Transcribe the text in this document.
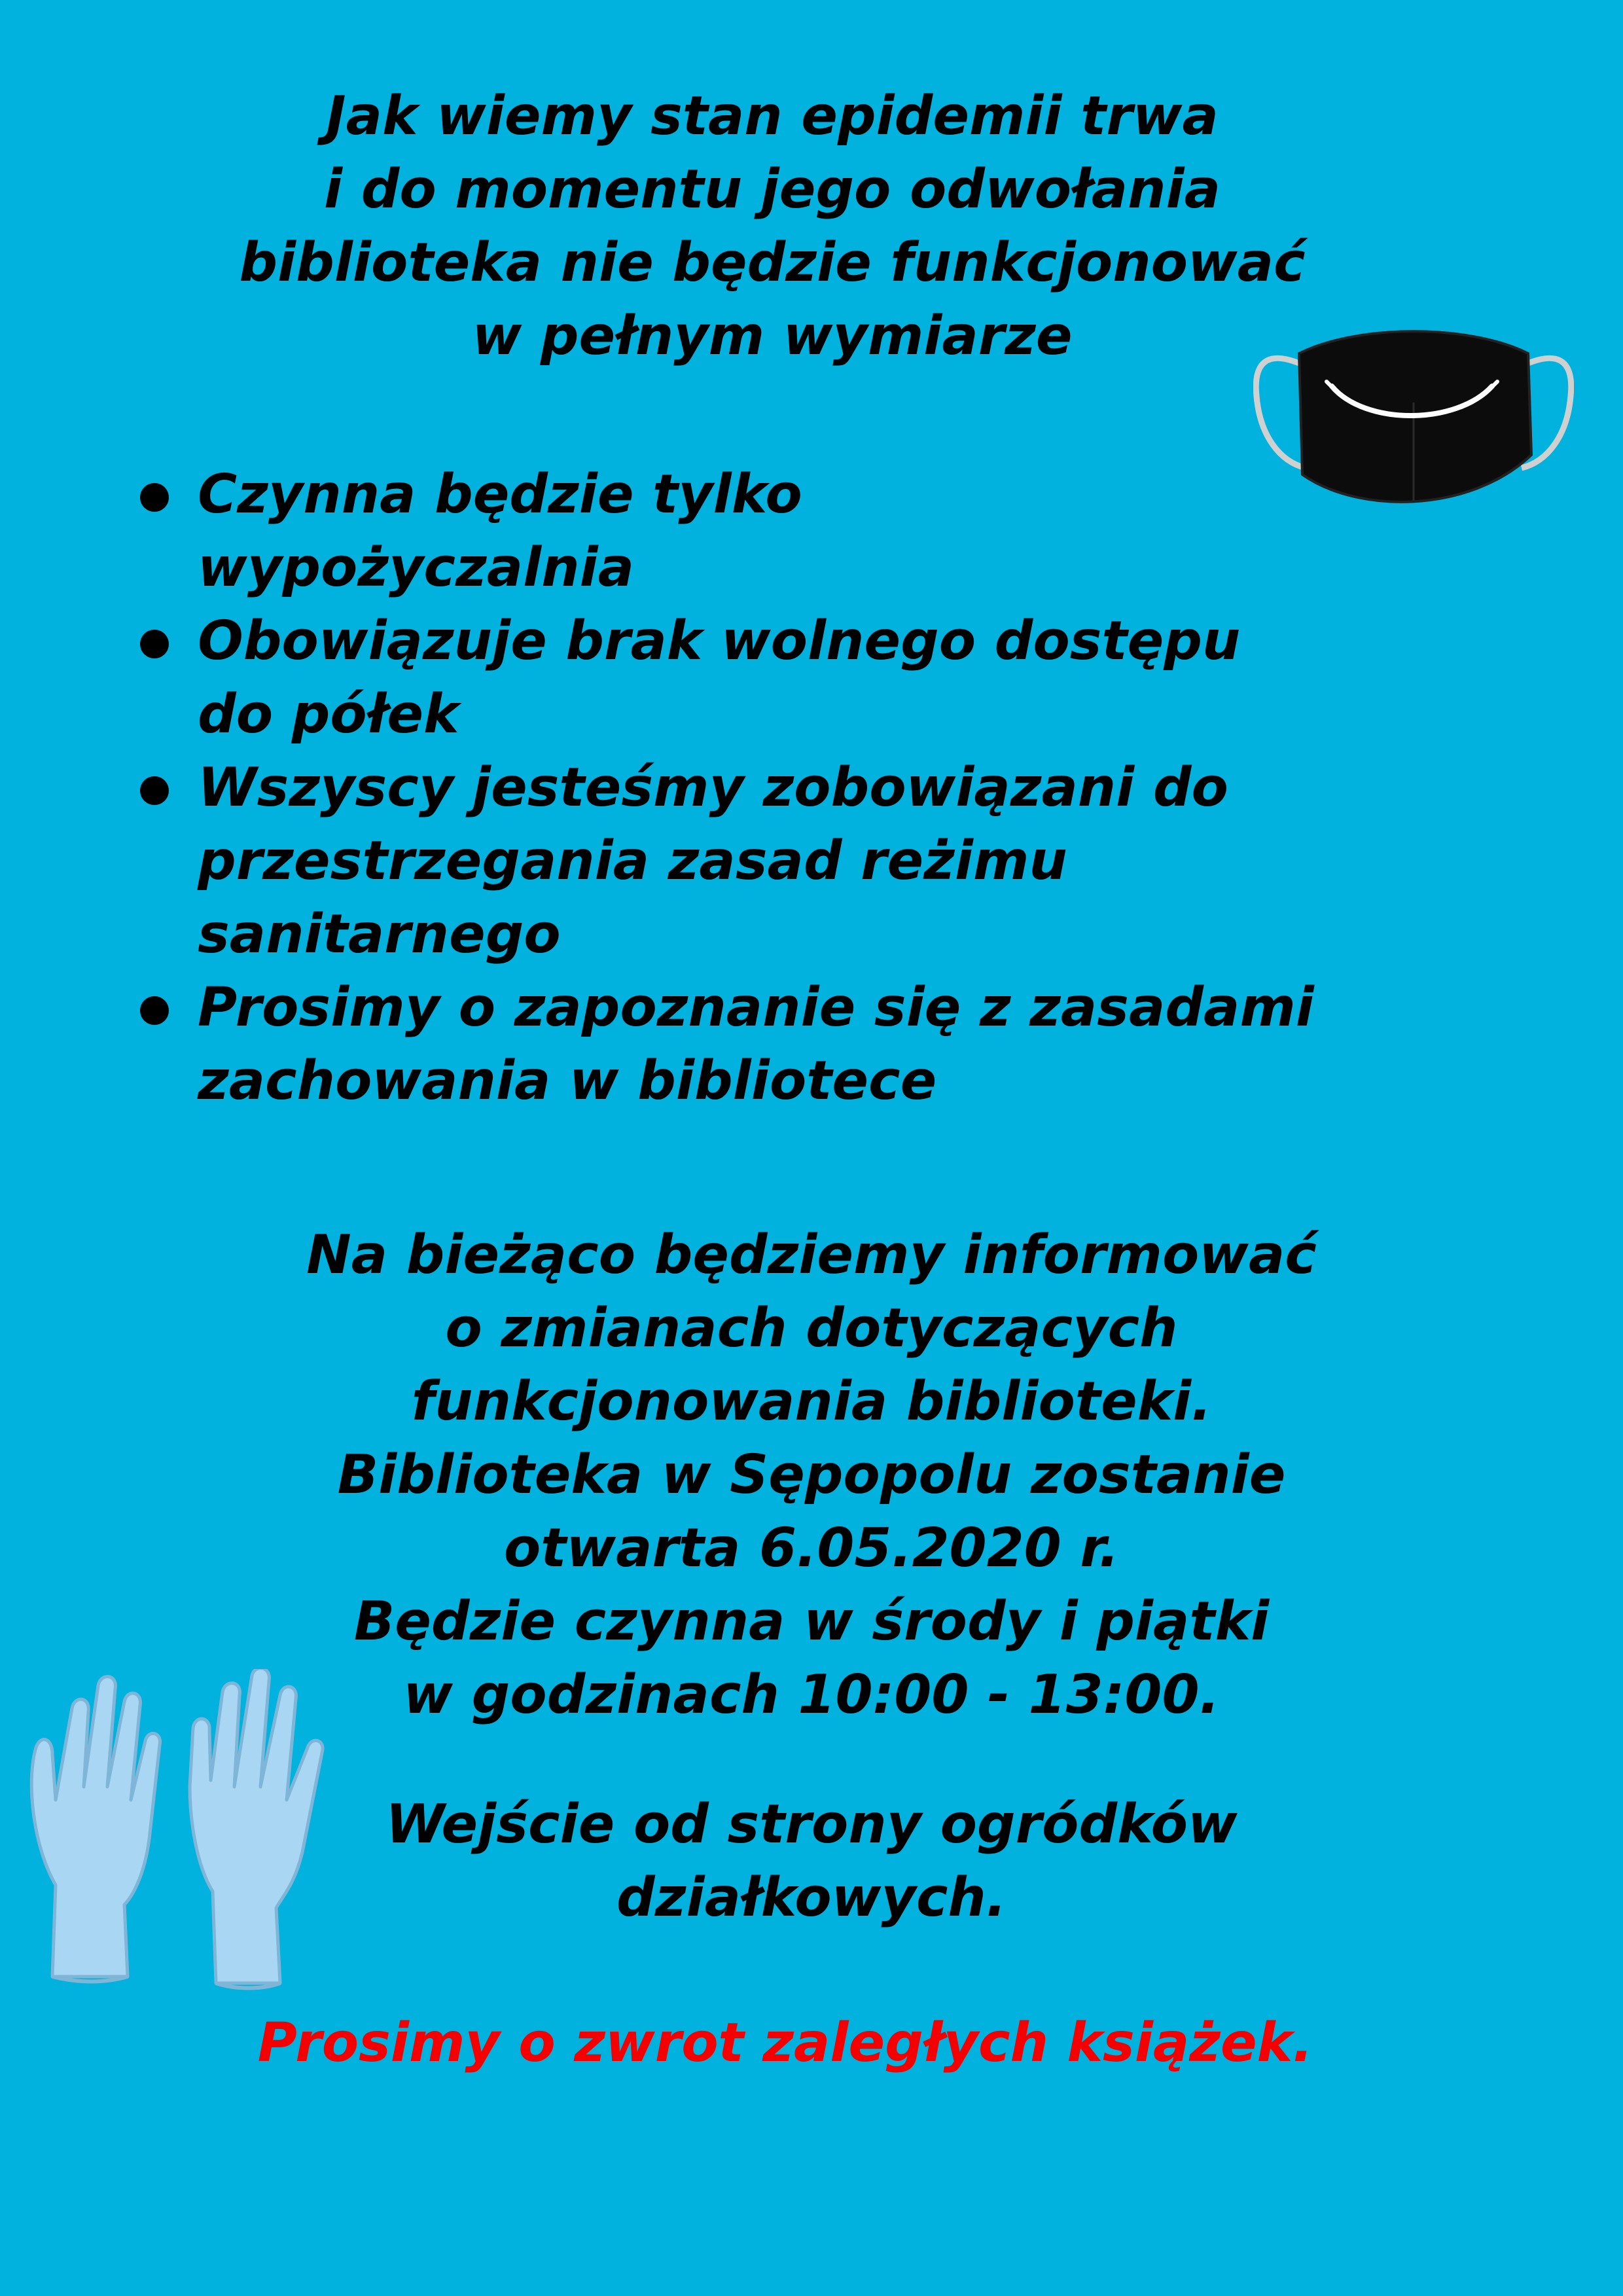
Jak wiemy stan epidemii trwa
i do momentu jego odwołania
biblioteka nie będzie funkcjonować
w pełnym wymiarze
Czynna będzie tylko
wypożyczalnia
Obowiązuje brak wolnego dostępu
do półek
Wszyscy jesteśmy zobowiązani do
przestrzegania zasad reżimu
sanitarnego
Prosimy o zapoznanie się z zasadami
zachowania w bibliotece
Na bieżąco będziemy informować
o zmianach dotyczących
funkcjonowania biblioteki.
Biblioteka w Sępopolu zostanie
otwarta 6.05.2020 r.
Będzie czynna w środy i piątki
w godzinach 10:00 - 13:00.
Wejście od strony ogródków
działkowych.
Prosimy o zwrot zaległych książek.
